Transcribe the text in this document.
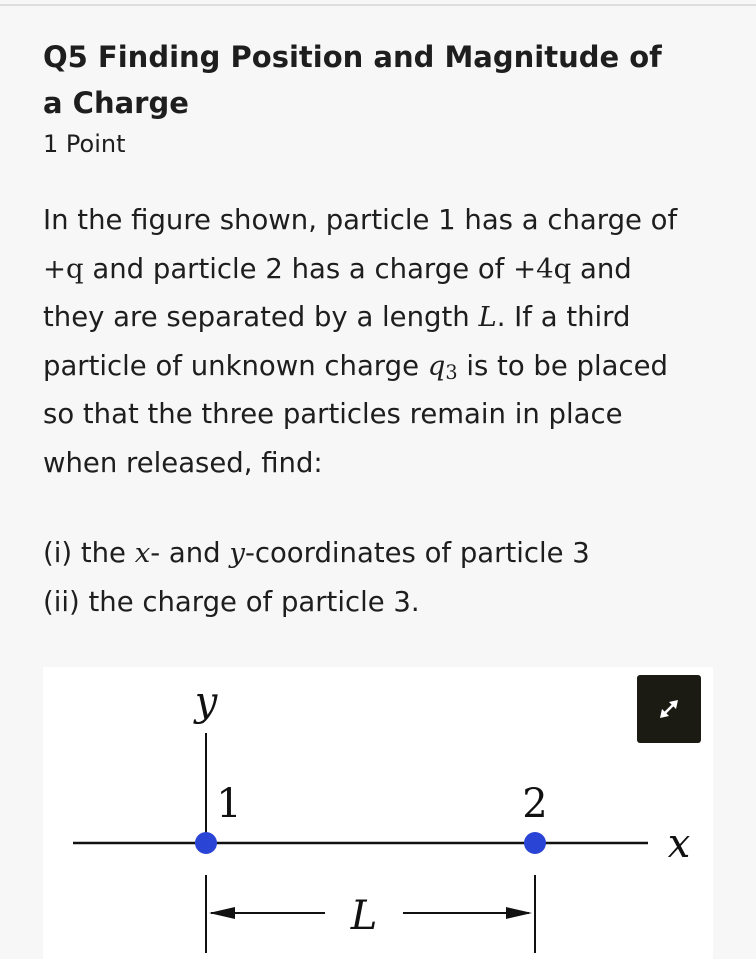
Q5 Finding Position and Magnitude of a Charge
1 Point

In the figure shown, particle 1 has a charge of

+q and particle 2 has a charge of +4q and

they are separated by a length L. If a third

particle of unknown charge $q_3$ is to be placed

so that the three particles remain in place

when released, find:

(i) the x- and y-coordinates of particle 3

(ii) the charge of particle 3.

y
x
1	2
L
